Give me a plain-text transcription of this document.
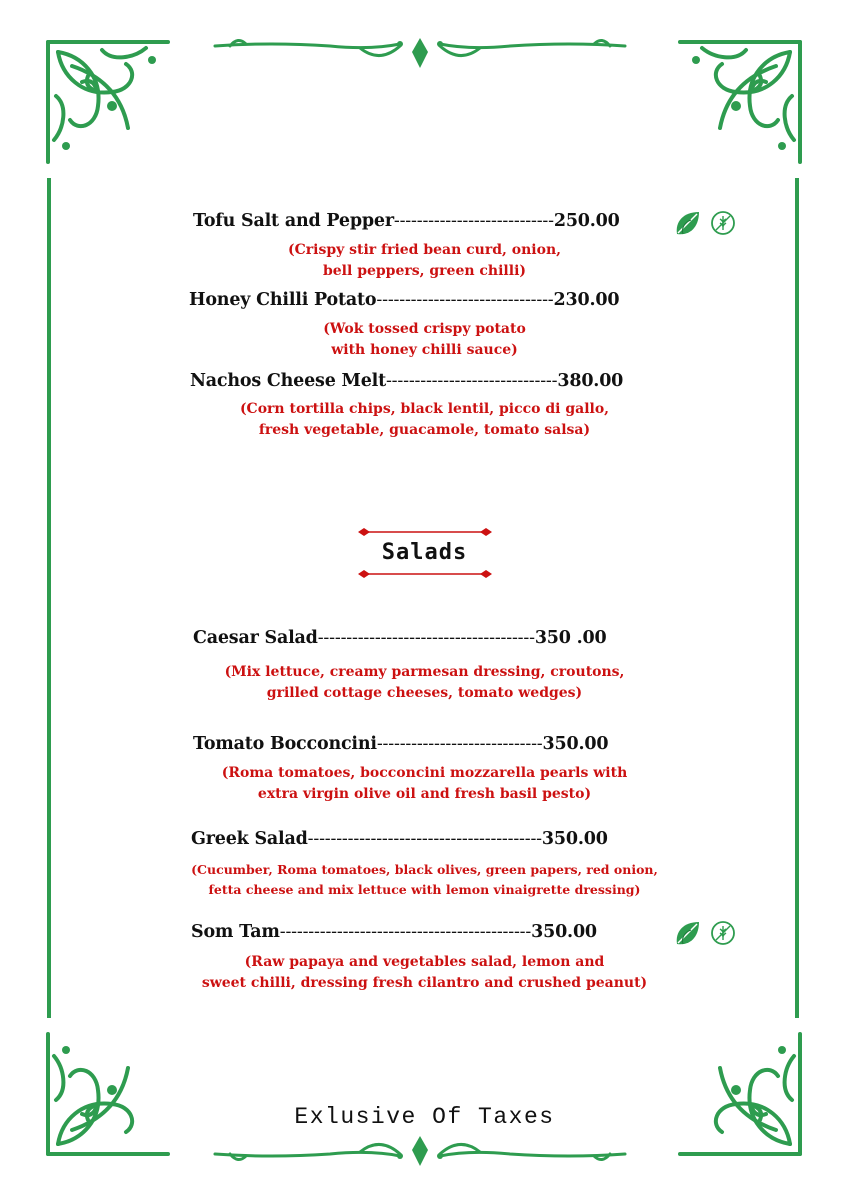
Tofu Salt and Pepper----------------------------250.00
(Crispy stir fried bean curd, onion,
bell peppers, green chilli)
Honey Chilli Potato-------------------------------230.00
(Wok tossed crispy potato
with honey chilli sauce)
Nachos Cheese Melt------------------------------380.00
(Corn tortilla chips, black lentil, picco di gallo,
fresh vegetable, guacamole, tomato salsa)
Salads
Caesar Salad--------------------------------------350 .00
(Mix lettuce, creamy parmesan dressing, croutons,
grilled cottage cheeses, tomato wedges)
Tomato Bocconcini-----------------------------350.00
(Roma tomatoes, bocconcini mozzarella pearls with
extra virgin olive oil and fresh basil pesto)
Greek Salad-----------------------------------------350.00
(Cucumber, Roma tomatoes, black olives, green papers, red onion,
fetta cheese and mix lettuce with lemon vinaigrette dressing)
Som Tam--------------------------------------------350.00
(Raw papaya and vegetables salad, lemon and
sweet chilli, dressing fresh cilantro and crushed peanut)
Exlusive Of Taxes
